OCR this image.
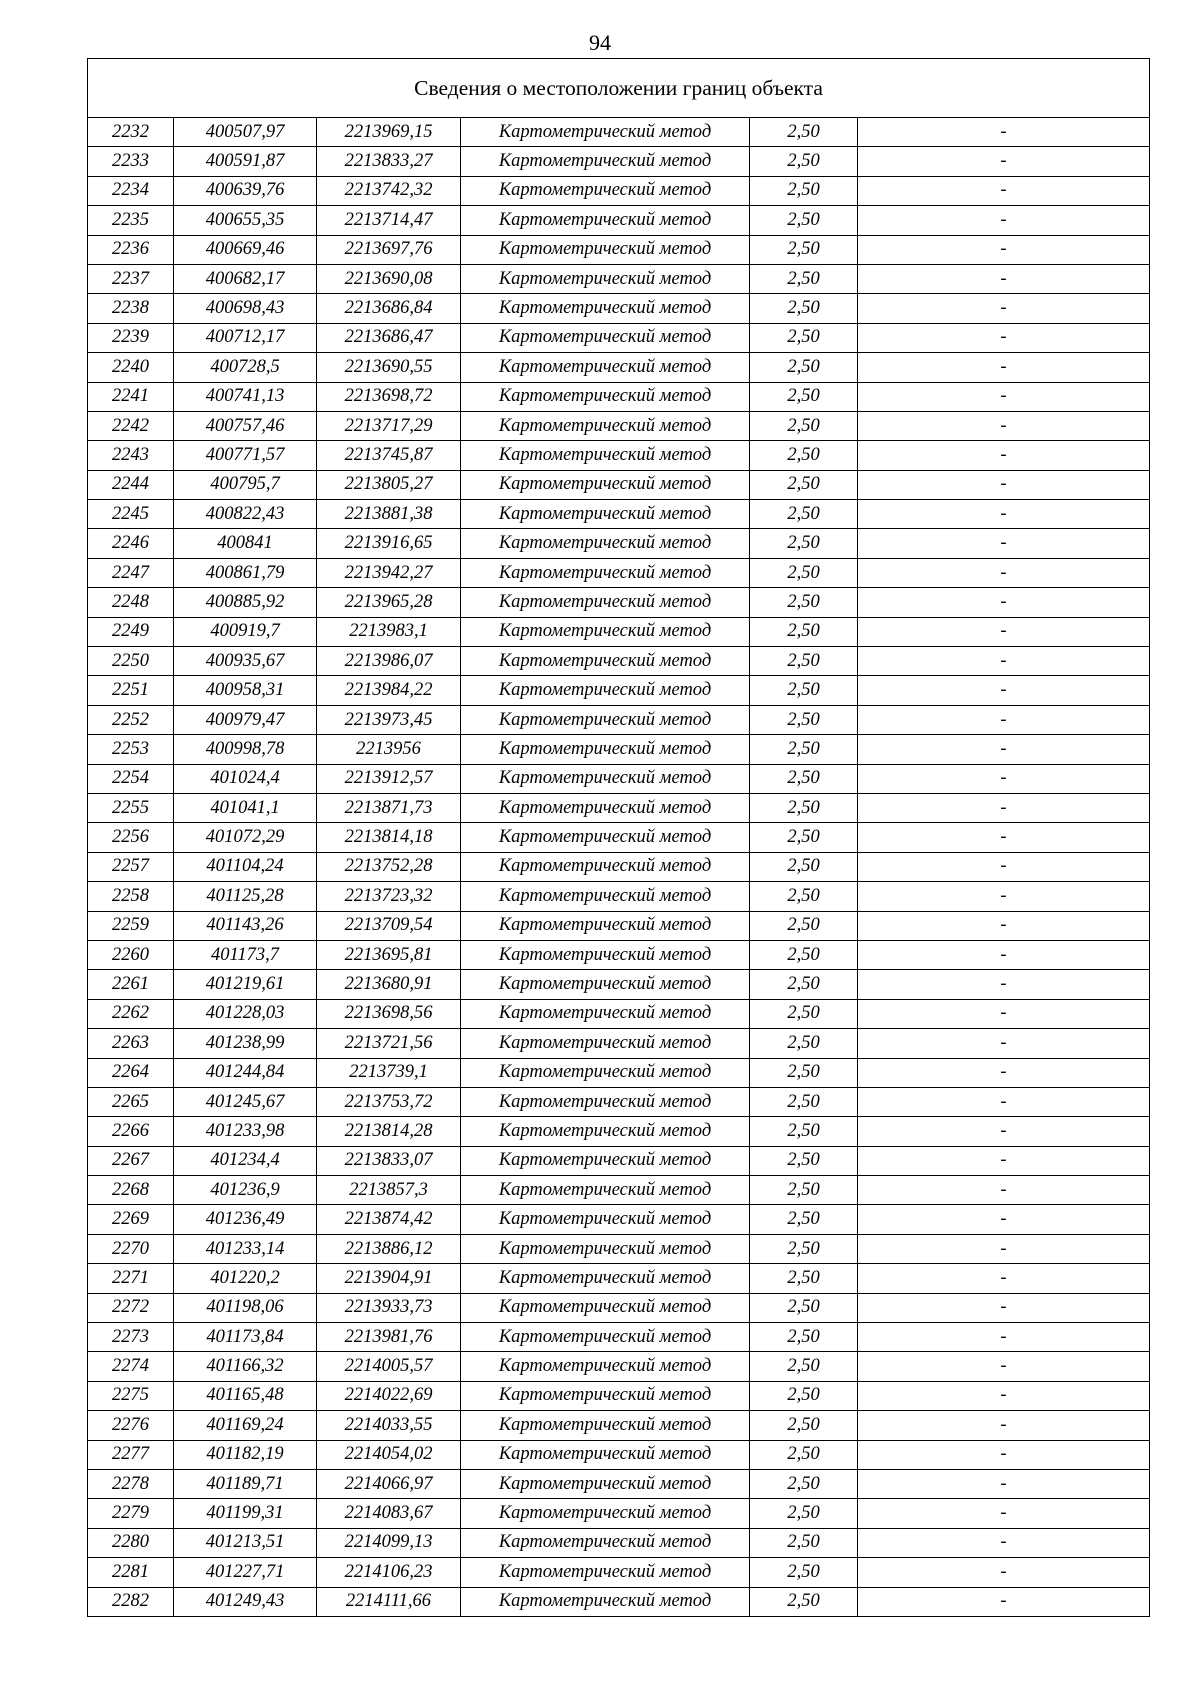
94
Сведения о местоположении границ объекта					
2232	400507,97	2213969,15	Картометрический метод	2,50	-
2233	400591,87	2213833,27	Картометрический метод	2,50	-
2234	400639,76	2213742,32	Картометрический метод	2,50	-
2235	400655,35	2213714,47	Картометрический метод	2,50	-
2236	400669,46	2213697,76	Картометрический метод	2,50	-
2237	400682,17	2213690,08	Картометрический метод	2,50	-
2238	400698,43	2213686,84	Картометрический метод	2,50	-
2239	400712,17	2213686,47	Картометрический метод	2,50	-
2240	400728,5	2213690,55	Картометрический метод	2,50	-
2241	400741,13	2213698,72	Картометрический метод	2,50	-
2242	400757,46	2213717,29	Картометрический метод	2,50	-
2243	400771,57	2213745,87	Картометрический метод	2,50	-
2244	400795,7	2213805,27	Картометрический метод	2,50	-
2245	400822,43	2213881,38	Картометрический метод	2,50	-
2246	400841	2213916,65	Картометрический метод	2,50	-
2247	400861,79	2213942,27	Картометрический метод	2,50	-
2248	400885,92	2213965,28	Картометрический метод	2,50	-
2249	400919,7	2213983,1	Картометрический метод	2,50	-
2250	400935,67	2213986,07	Картометрический метод	2,50	-
2251	400958,31	2213984,22	Картометрический метод	2,50	-
2252	400979,47	2213973,45	Картометрический метод	2,50	-
2253	400998,78	2213956	Картометрический метод	2,50	-
2254	401024,4	2213912,57	Картометрический метод	2,50	-
2255	401041,1	2213871,73	Картометрический метод	2,50	-
2256	401072,29	2213814,18	Картометрический метод	2,50	-
2257	401104,24	2213752,28	Картометрический метод	2,50	-
2258	401125,28	2213723,32	Картометрический метод	2,50	-
2259	401143,26	2213709,54	Картометрический метод	2,50	-
2260	401173,7	2213695,81	Картометрический метод	2,50	-
2261	401219,61	2213680,91	Картометрический метод	2,50	-
2262	401228,03	2213698,56	Картометрический метод	2,50	-
2263	401238,99	2213721,56	Картометрический метод	2,50	-
2264	401244,84	2213739,1	Картометрический метод	2,50	-
2265	401245,67	2213753,72	Картометрический метод	2,50	-
2266	401233,98	2213814,28	Картометрический метод	2,50	-
2267	401234,4	2213833,07	Картометрический метод	2,50	-
2268	401236,9	2213857,3	Картометрический метод	2,50	-
2269	401236,49	2213874,42	Картометрический метод	2,50	-
2270	401233,14	2213886,12	Картометрический метод	2,50	-
2271	401220,2	2213904,91	Картометрический метод	2,50	-
2272	401198,06	2213933,73	Картометрический метод	2,50	-
2273	401173,84	2213981,76	Картометрический метод	2,50	-
2274	401166,32	2214005,57	Картометрический метод	2,50	-
2275	401165,48	2214022,69	Картометрический метод	2,50	-
2276	401169,24	2214033,55	Картометрический метод	2,50	-
2277	401182,19	2214054,02	Картометрический метод	2,50	-
2278	401189,71	2214066,97	Картометрический метод	2,50	-
2279	401199,31	2214083,67	Картометрический метод	2,50	-
2280	401213,51	2214099,13	Картометрический метод	2,50	-
2281	401227,71	2214106,23	Картометрический метод	2,50	-
2282	401249,43	2214111,66	Картометрический метод	2,50	-
